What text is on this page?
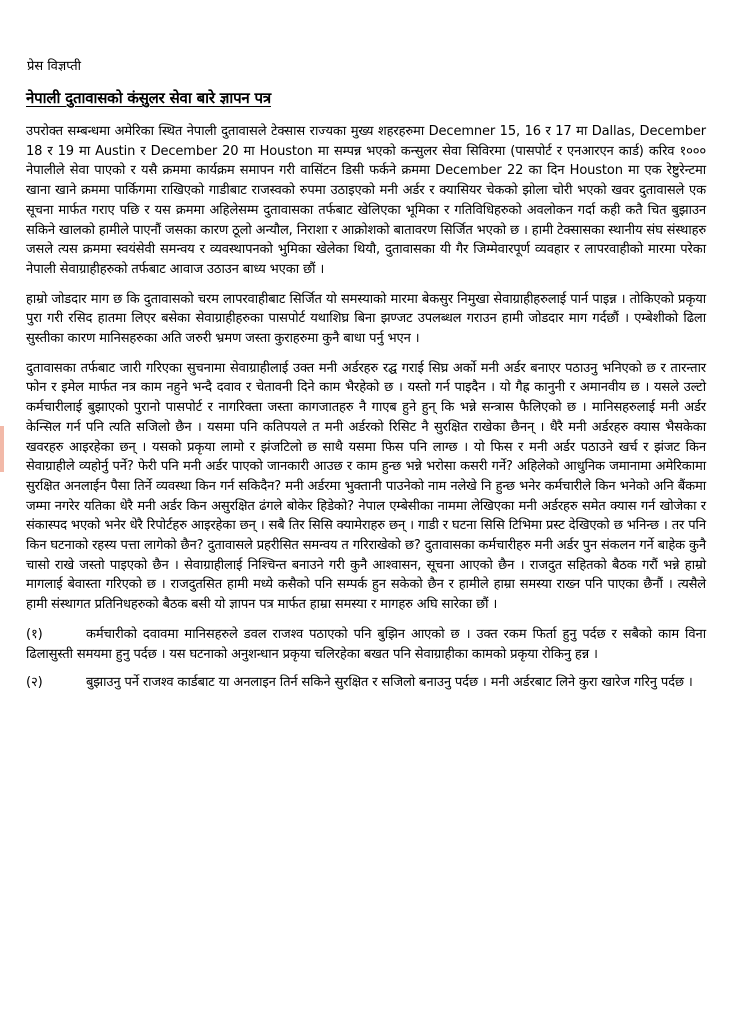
प्रेस विज्ञप्ती
नेपाली दुतावासको कंसुलर सेवा बारे ज्ञापन पत्र

उपरोक्त सम्बन्धमा अमेरिका स्थित नेपाली दुतावासले टेक्सास राज्यका मुख्य शहरहरुमा Decemner 15, 16 र 17 मा Dallas, December 18 र 19 मा Austin र December 20 मा Houston मा सम्पन्न भएको कन्सुलर सेवा सिविरमा (पासपोर्ट र एनआरएन कार्ड) करिव १००० नेपालीले सेवा पाएको र यसै क्रममा कार्यक्रम समापन गरी वासिंटन डिसी फर्कने क्रममा December 22 का दिन Houston मा एक रेष्टुरेन्टमा खाना खाने क्रममा पार्किगमा राखिएको गाडीबाट राजस्वको रुपमा उठाइएको मनी अर्डर र क्यासियर चेकको झोला चोरी भएको खवर दुतावासले एक सूचना मार्फत गराए पछि र यस क्रममा अहिलेसम्म दुतावासका तर्फबाट खेलिएका भूमिका र गतिविधिहरुको अवलोकन गर्दा कही कतै चित बुझाउन सकिने खालको हामीले पाएनौं जसका कारण ठूलो अन्यौल, निराशा र आक्रोशको बातावरण सिर्जित भएको छ । हामी टेक्सासका स्थानीय संघ संस्थाहरु जसले त्यस क्रममा स्वयंसेवी समन्वय र व्यवस्थापनको भुमिका खेलेका थियौ, दुतावासका यी गैर जिम्मेवारपूर्ण व्यवहार र लापरवाहीको मारमा परेका नेपाली सेवाग्राहीहरुको तर्फबाट आवाज उठाउन बाध्य भएका छौं ।

हाम्रो जोडदार माग छ कि दुतावासको चरम लापरवाहीबाट सिर्जित यो समस्याको मारमा बेकसुर निमुखा सेवाग्राहीहरुलाई पार्न पाइन्न । तोकिएको प्रकृया पुरा गरी रसिद हातमा लिएर बसेका सेवाग्राहीहरुका पासपोर्ट यथाशिघ्र बिना झण्जट उपलब्धल गराउन हामी जोडदार माग गर्दछौं । एम्बेशीको ढिला सुस्तीका कारण मानिसहरुका अति जरुरी भ्रमण जस्ता कुराहरुमा कुनै बाधा पर्नु भएन ।

दुतावासका तर्फबाट जारी गरिएका सुचनामा सेवाग्राहीलाई उक्त मनी अर्डरहरु रद्घ गराई सिघ्र अर्को मनी अर्डर बनाएर पठाउनु भनिएको छ र तारन्तार फोन र इमेल मार्फत नत्र काम नहुने भन्दै दवाव र चेतावनी दिने काम भैरहेको छ । यस्तो गर्न पाइदैन । यो गैह्र कानुनी र अमानवीय छ । यसले उल्टो कर्मचारीलाई बुझाएको पुरानो पासपोर्ट र नागरिक्ता जस्ता कागजातहरु नै गाएब हुने हुन् कि भन्ने सन्त्रास फैलिएको छ । मानिसहरुलाई मनी अर्डर केन्सिल गर्न पनि त्यति सजिलो छैन । यसमा पनि कतिपयले त मनी अर्डरको रिसिट नै सुरक्षित राखेका छैनन् । धैरै मनी अर्डरहरु क्यास भैसकेका खवरहरु आइरहेका छन् । यसको प्रकृया लामो र झंजटिलो छ साथै यसमा फिस पनि लाग्छ । यो फिस र मनी अर्डर पठाउने खर्च र झंजट किन सेवाग्राहीले व्यहोर्नु पर्ने? फेरी पनि मनी अर्डर पाएको जानकारी आउछ र काम हुन्छ भन्ने भरोसा कसरी गर्ने? अहिलेको आधुनिक जमानामा अमेरिकामा सुरक्षित अनलाईन पैसा तिर्ने व्यवस्था किन गर्न सकिदैन? मनी अर्डरमा भुक्तानी पाउनेको नाम नलेखे नि हुन्छ भनेर कर्मचारीले किन भनेको अनि बैंकमा जम्मा नगरेर यतिका धेरै मनी अर्डर किन असुरक्षित ढंगले बोकेर हिडेको? नेपाल एम्बेसीका नाममा लेखिएका मनी अर्डरहरु समेत क्यास गर्न खोजेका र संकास्पद भएको भनेर धेरै रिपोर्टहरु आइरहेका छन् । सबै तिर सिसि क्यामेराहरु छन् । गाडी र घटना सिसि टिभिमा प्रस्ट देखिएको छ भनिन्छ । तर पनि किन घटनाको रहस्य पत्ता लागेको छैन? दुतावासले प्रहरीसित समन्वय त गरिराखेको छ? दुतावासका कर्मचारीहरु मनी अर्डर पुन संकलन गर्ने बाहेक कुनै चासो राखे जस्तो पाइएको छैन । सेवाग्राहीलाई निश्चिन्त बनाउने गरी कुनै आश्वासन, सूचना आएको छैन । राजदुत सहितको बैठक गरौं भन्ने हाम्रो मागलाई बेवास्ता गरिएको छ । राजदुतसित हामी मध्ये कसैको पनि सम्पर्क हुन सकेको छैन र हामीले हाम्रा समस्या राख्न पनि पाएका छैनौं । त्यसैले हामी संस्थागत प्रतिनिधहरुको बैठक बसी यो ज्ञापन पत्र मार्फत हाम्रा समस्या र मागहरु अघि सारेका छौं ।

(१)	कर्मचारीको दवावमा मानिसहरुले डवल राजश्व पठाएको पनि बुझिन आएको छ । उक्त रकम फिर्ता हुनु पर्दछ र सबैको काम विना ढिलासुस्ती समयमा हुनु पर्दछ । यस घटनाको अनुशन्धान प्रकृया चलिरहेका बखत पनि सेवाग्राहीका कामको प्रकृया रोकिनु हन्न ।

(२)	बुझाउनु पर्ने राजश्व कार्डबाट या अनलाइन तिर्न सकिने सुरक्षित र सजिलो बनाउनु पर्दछ । मनी अर्डरबाट लिने कुरा खारेज गरिनु पर्दछ ।
